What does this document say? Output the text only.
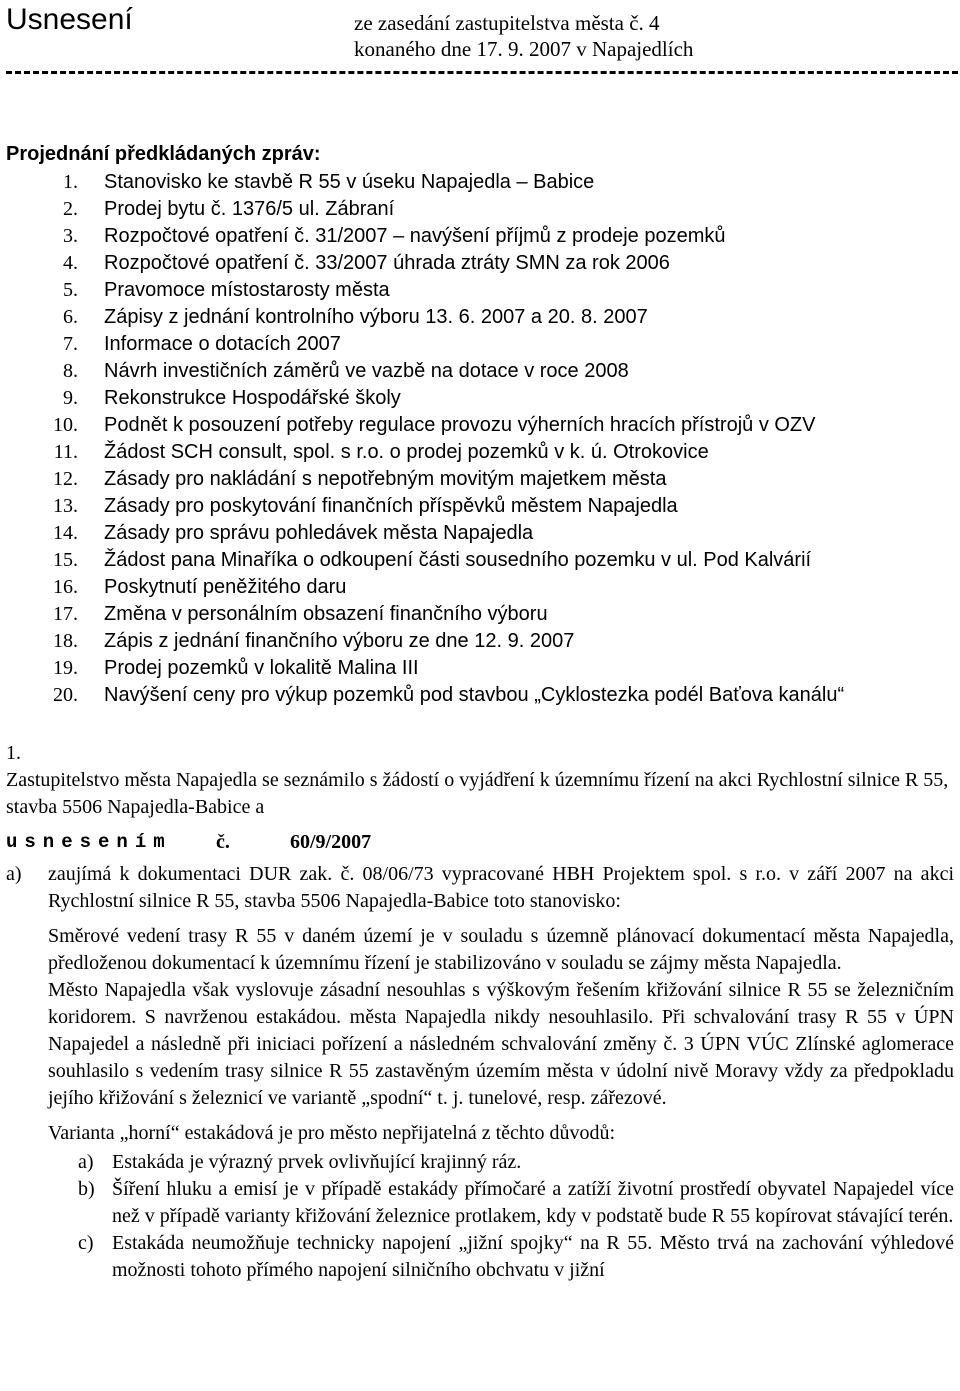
Usnesení	ze zasedání zastupitelstva města č. 4
konaného dne 17. 9. 2007 v Napajedlích
Projednání předkládaných zpráv:
1. Stanovisko ke stavbě R 55 v úseku Napajedla – Babice
2. Prodej bytu č. 1376/5 ul. Zábraní
3. Rozpočtové opatření č. 31/2007 – navýšení příjmů z prodeje pozemků
4. Rozpočtové opatření č. 33/2007 úhrada ztráty SMN za rok 2006
5. Pravomoce místostarosty města
6. Zápisy z jednání kontrolního výboru 13. 6. 2007 a 20. 8. 2007
7. Informace o dotacích 2007
8. Návrh investičních záměrů ve vazbě na dotace v roce 2008
9. Rekonstrukce Hospodářské školy
10. Podnět k posouzení potřeby regulace provozu výherních hracích přístrojů v OZV
11. Žádost SCH consult, spol. s r.o. o prodej pozemků v k. ú. Otrokovice
12. Zásady pro nakládání s nepotřebným movitým majetkem města
13. Zásady pro poskytování finančních příspěvků městem Napajedla
14. Zásady pro správu pohledávek města Napajedla
15. Žádost pana Minaříka o odkoupení části sousedního pozemku v ul. Pod Kalvárií
16. Poskytnutí peněžitého daru
17. Změna v personálním obsazení finančního výboru
18. Zápis z jednání finančního výboru ze dne 12. 9. 2007
19. Prodej pozemků v lokalitě Malina III
20. Navýšení ceny pro výkup pozemků pod stavbou „Cyklostezka podél Baťova kanálu“
1.

Zastupitelstvo města Napajedla se seznámilo s žádostí o vyjádření k územnímu řízení na akci Rychlostní silnice R 55, stavba 5506 Napajedla-Babice a

usnesením č.	60/9/2007
a) zaujímá k dokumentaci DUR zak. č. 08/06/73 vypracované HBH Projektem spol. s r.o. v září 2007 na akci Rychlostní silnice R 55, stavba 5506 Napajedla-Babice toto stanovisko:

Směrové vedení trasy R 55 v daném území je v souladu s územně plánovací dokumentací města Napajedla, předloženou dokumentací k územnímu řízení je stabilizováno v souladu se zájmy města Napajedla.

Město Napajedla však vyslovuje zásadní nesouhlas s výškovým řešením křižování silnice R 55 se železničním koridorem. S navrženou estakádou. města Napajedla nikdy nesouhlasilo. Při schvalování trasy R 55 v ÚPN Napajedel a následně při iniciaci pořízení a následném schvalování změny č. 3 ÚPN VÚC Zlínské aglomerace souhlasilo s vedením trasy silnice R 55 zastavěným územím města v údolní nivě Moravy vždy za předpokladu jejího křižování s železnicí ve variantě „spodní“ t. j. tunelové, resp. zářezové.

Varianta „horní“ estakádová je pro město nepřijatelná z těchto důvodů:

a) Estakáda je výrazný prvek ovlivňující krajinný ráz.
b) Šíření hluku a emisí je v případě estakády přímočaré a zatíží životní prostředí obyvatel Napajedel více než v případě varianty křižování železnice protlakem, kdy v podstatě bude R 55 kopírovat stávající terén.
c) Estakáda neumožňuje technicky napojení „jižní spojky“ na R 55. Město trvá na zachování výhledové možnosti tohoto přímého napojení silničního obchvatu v jižní
